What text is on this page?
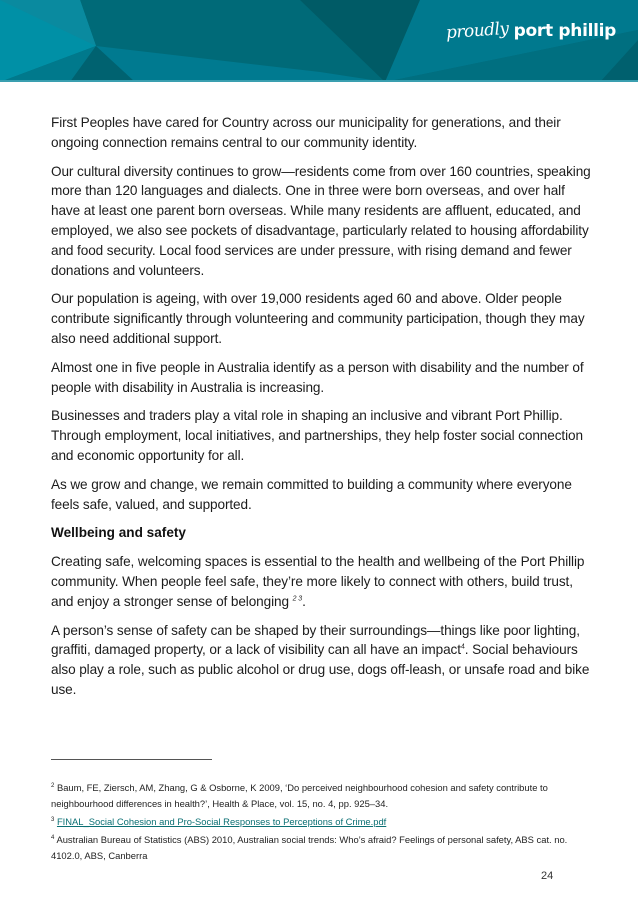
proudly port phillip

First Peoples have cared for Country across our municipality for generations, and their ongoing connection remains central to our community identity.

Our cultural diversity continues to grow—residents come from over 160 countries, speaking more than 120 languages and dialects. One in three were born overseas, and over half have at least one parent born overseas. While many residents are affluent, educated, and employed, we also see pockets of disadvantage, particularly related to housing affordability and food security. Local food services are under pressure, with rising demand and fewer donations and volunteers.

Our population is ageing, with over 19,000 residents aged 60 and above. Older people contribute significantly through volunteering and community participation, though they may also need additional support.

Almost one in five people in Australia identify as a person with disability and the number of people with disability in Australia is increasing.

Businesses and traders play a vital role in shaping an inclusive and vibrant Port Phillip. Through employment, local initiatives, and partnerships, they help foster social connection and economic opportunity for all.

As we grow and change, we remain committed to building a community where everyone feels safe, valued, and supported.

Wellbeing and safety

Creating safe, welcoming spaces is essential to the health and wellbeing of the Port Phillip community. When people feel safe, they’re more likely to connect with others, build trust, and enjoy a stronger sense of belonging $^{2 3}$.

A person’s sense of safety can be shaped by their surroundings—things like poor lighting, graffiti, damaged property, or a lack of visibility can all have an impact$^4$. Social behaviours also play a role, such as public alcohol or drug use, dogs off-leash, or unsafe road and bike use.

$^2$ Baum, FE, Ziersch, AM, Zhang, G & Osborne, K 2009, ‘Do perceived neighbourhood cohesion and safety contribute to neighbourhood differences in health?’, Health & Place, vol. 15, no. 4, pp. 925–34.
$^3$ FINAL_Social Cohesion and Pro-Social Responses to Perceptions of Crime.pdf
$^4$ Australian Bureau of Statistics (ABS) 2010, Australian social trends: Who’s afraid? Feelings of personal safety, ABS cat. no. 4102.0, ABS, Canberra
24
